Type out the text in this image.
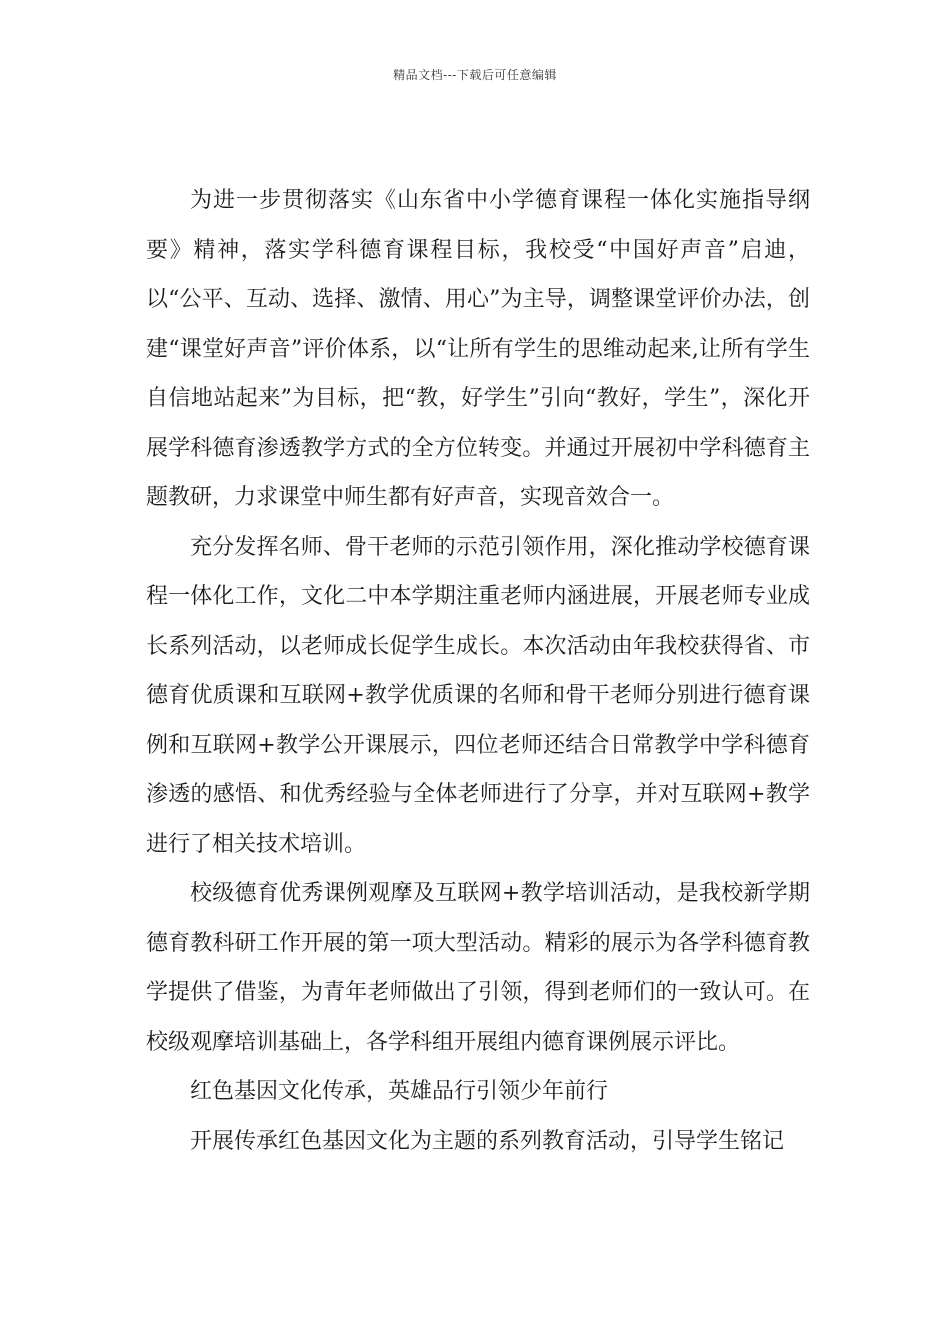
精品文档---下载后可任意编辑

为进一步贯彻落实《山东省中小学德育课程一体化实施指导纲要》精神，落实学科德育课程目标，我校受“中国好声音”启迪，以“公平、互动、选择、激情、用心”为主导，调整课堂评价办法，创建“课堂好声音”评价体系，以“让所有学生的思维动起来,让所有学生自信地站起来”为目标，把“教，好学生”引向“教好，学生”，深化开展学科德育渗透教学方式的全方位转变。并通过开展初中学科德育主题教研，力求课堂中师生都有好声音，实现音效合一。

充分发挥名师、骨干老师的示范引领作用，深化推动学校德育课程一体化工作，文化二中本学期注重老师内涵进展，开展老师专业成长系列活动，以老师成长促学生成长。本次活动由年我校获得省、市德育优质课和互联网+教学优质课的名师和骨干老师分别进行德育课例和互联网+教学公开课展示，四位老师还结合日常教学中学科德育渗透的感悟、和优秀经验与全体老师进行了分享，并对互联网+教学进行了相关技术培训。

校级德育优秀课例观摩及互联网+教学培训活动，是我校新学期德育教科研工作开展的第一项大型活动。精彩的展示为各学科德育教学提供了借鉴，为青年老师做出了引领，得到老师们的一致认可。在校级观摩培训基础上，各学科组开展组内德育课例展示评比。

红色基因文化传承，英雄品行引领少年前行

开展传承红色基因文化为主题的系列教育活动，引导学生铭记
